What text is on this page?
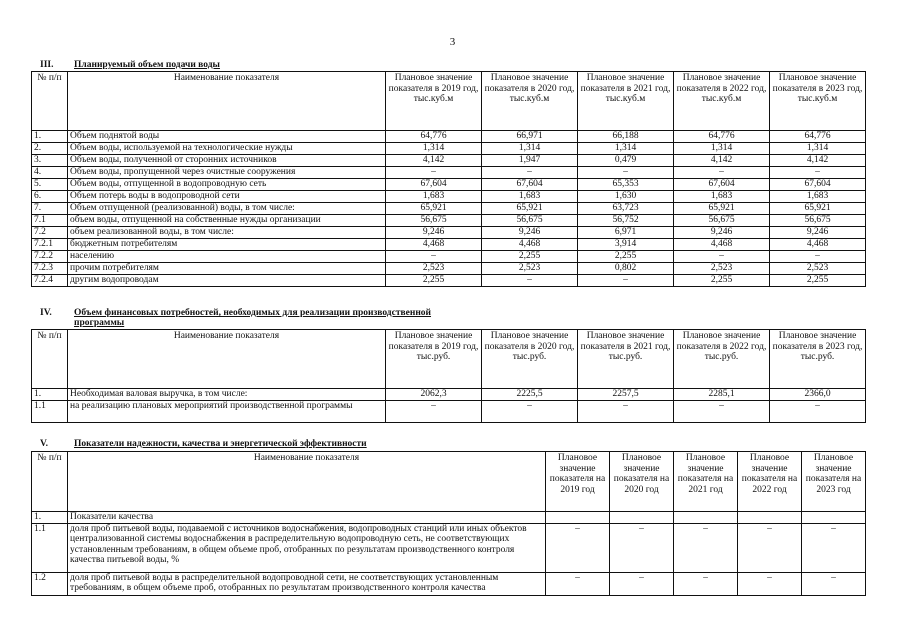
3
III. Планируемый объем подачи воды
№ п/п	Наименование показателя	Плановое значение показателя в 2019 год, тыс.куб.м	Плановое значение показателя в 2020 год, тыс.куб.м	Плановое значение показателя в 2021 год, тыс.куб.м	Плановое значение показателя в 2022 год, тыс.куб.м	Плановое значение показателя в 2023 год, тыс.куб.м
1.	Объем поднятой воды	64,776	66,971	66,188	64,776	64,776
2.	Объем воды, используемой на технологические нужды	1,314	1,314	1,314	1,314	1,314
3.	Объем воды, полученной от сторонних источников	4,142	1,947	0,479	4,142	4,142
4.	Объем воды, пропущенной через очистные сооружения	–	–	–	–	–
5.	Объем воды, отпущенной в водопроводную сеть	67,604	67,604	65,353	67,604	67,604
6.	Объем потерь воды в водопроводной сети	1,683	1,683	1,630	1,683	1,683
7.	Объем отпущенной (реализованной) воды, в том числе:	65,921	65,921	63,723	65,921	65,921
7.1	объем воды, отпущенной на собственные нужды организации	56,675	56,675	56,752	56,675	56,675
7.2	объем реализованной воды, в том числе:	9,246	9,246	6,971	9,246	9,246
7.2.1	бюджетным потребителям	4,468	4,468	3,914	4,468	4,468
7.2.2	населению	–	2,255	2,255	–	–
7.2.3	прочим потребителям	2,523	2,523	0,802	2,523	2,523
7.2.4	другим водопроводам	2,255	–	–	2,255	2,255
IV. Объем финансовых потребностей, необходимых для реализации производственной
программы
№ п/п	Наименование показателя	Плановое значение показателя в 2019 год, тыс.руб.	Плановое значение показателя в 2020 год, тыс.руб.	Плановое значение показателя в 2021 год, тыс.руб.	Плановое значение показателя в 2022 год, тыс.руб.	Плановое значение показателя в 2023 год, тыс.руб.
1.	Необходимая валовая выручка, в том числе:	2062,3	2225,5	2257,5	2285,1	2366,0
1.1	на реализацию плановых мероприятий производственной программы	–	–	–	–	–
V.	Показатели надежности, качества и энергетической эффективности
№ п/п	Наименование показателя	Плановое значение показателя на 2019 год	Плановое значение показателя на 2020 год	Плановое значение показателя на 2021 год	Плановое значение показателя на 2022 год	Плановое значение показателя на 2023 год
1.	Показатели качества					
1.1	доля проб питьевой воды, подаваемой с источников водоснабжения, водопроводных станций или иных объектов централизованной системы водоснабжения в распределительную водопроводную сеть, не соответствующих установленным требованиям, в общем объеме проб, отобранных по результатам производственного контроля качества питьевой воды, %	–	–	–	–	–
1.2	доля проб питьевой воды в распределительной водопроводной сети, не соответствующих установленным требованиям, в общем объеме проб, отобранных по результатам производственного контроля качества	–	–	–	–	–
